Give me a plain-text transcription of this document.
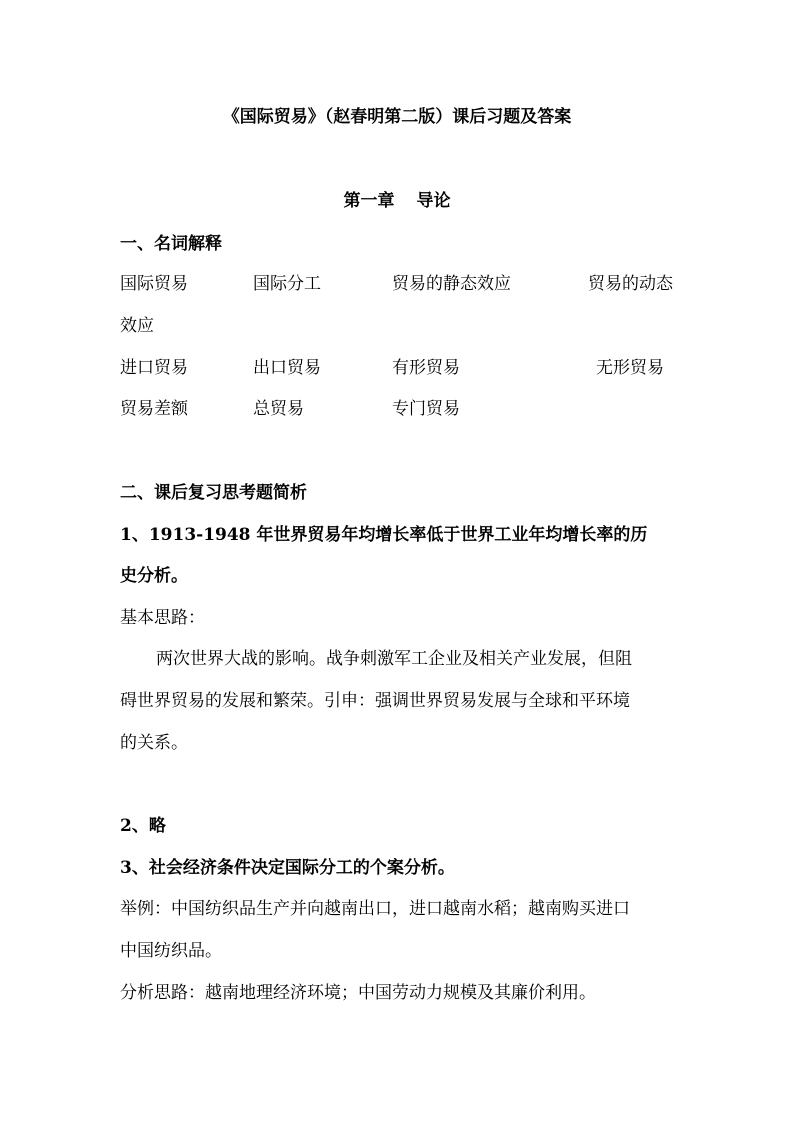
《国际贸易》（赵春明第二版）课后习题及答案
第一章 导论
一、名词解释
国际贸易	国际分工	贸易的静态效应	贸易的动态
效应
进口贸易	出口贸易	有形贸易	无形贸易
贸易差额	总贸易	专门贸易
二、课后复习思考题简析
1、1913-1948 年世界贸易年均增长率低于世界工业年均增长率的历
史分析。
基本思路：
两次世界大战的影响。战争刺激军工企业及相关产业发展，但阻
碍世界贸易的发展和繁荣。引申：强调世界贸易发展与全球和平环境
的关系。
2、略
3、社会经济条件决定国际分工的个案分析。
举例：中国纺织品生产并向越南出口，进口越南水稻；越南购买进口
中国纺织品。
分析思路：越南地理经济环境；中国劳动力规模及其廉价利用。
